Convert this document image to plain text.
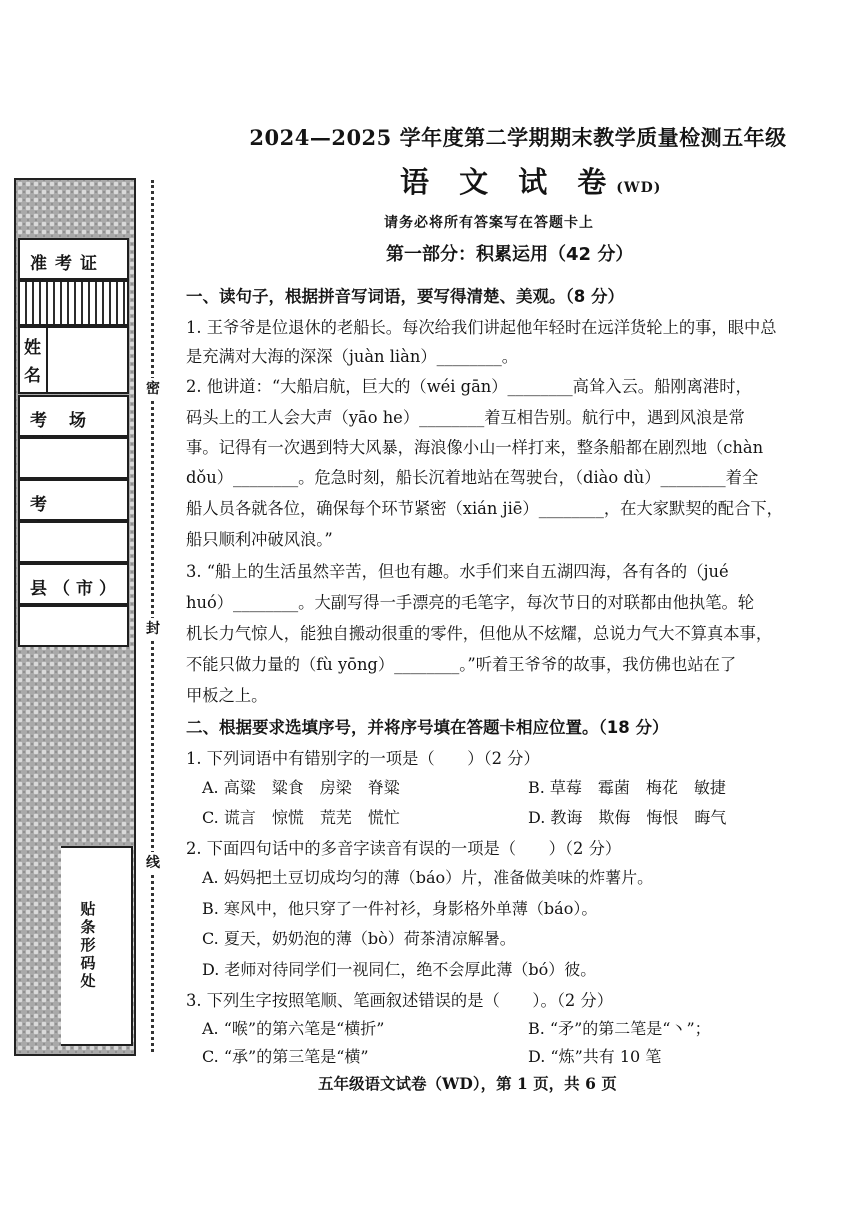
准考证
姓名
考场
考
县（市）
贴条形码处
密
封
线
2024—2025 学年度第二学期期末教学质量检测五年级
语 文 试 卷(WD)
请务必将所有答案写在答题卡上
第一部分：积累运用（42 分）
一、读句子，根据拼音写词语，要写得清楚、美观。（8 分）
1. 王爷爷是位退休的老船长。每次给我们讲起他年轻时在远洋货轮上的事，眼中总
是充满对大海的深深（juàn liàn）________。
2. 他讲道：“大船启航，巨大的（wéi gān）________高耸入云。船刚离港时，
码头上的工人会大声（yāo he）________着互相告别。航行中，遇到风浪是常
事。记得有一次遇到特大风暴，海浪像小山一样打来，整条船都在剧烈地（chàn
dǒu）________。危急时刻，船长沉着地站在驾驶台，（diào dù）________着全
船人员各就各位，确保每个环节紧密（xián jiē）________，在大家默契的配合下，
船只顺利冲破风浪。”
3. “船上的生活虽然辛苦，但也有趣。水手们来自五湖四海，各有各的（jué
huó）________。大副写得一手漂亮的毛笔字，每次节日的对联都由他执笔。轮
机长力气惊人，能独自搬动很重的零件，但他从不炫耀，总说力气大不算真本事，
不能只做力量的（fù yōng）________。”听着王爷爷的故事，我仿佛也站在了
甲板之上。
二、根据要求选填序号，并将序号填在答题卡相应位置。（18 分）
1. 下列词语中有错别字的一项是（　　）（2 分）
A. 高粱　粱食　房梁　脊粱	B. 草莓　霉菌　梅花　敏捷
C. 谎言　惊慌　荒芜　慌忙	D. 教诲　欺侮　悔恨　晦气
2. 下面四句话中的多音字读音有误的一项是（　　）（2 分）
A. 妈妈把土豆切成均匀的薄（báo）片，准备做美味的炸薯片。
B. 寒风中，他只穿了一件衬衫，身影格外单薄（báo）。
C. 夏天，奶奶泡的薄（bò）荷茶清凉解暑。
D. 老师对待同学们一视同仁，绝不会厚此薄（bó）彼。
3. 下列生字按照笔顺、笔画叙述错误的是（　　）。（2 分）
A. “喉”的第六笔是“横折”	B. “矛”的第二笔是“丶”；
C. “承”的第三笔是“横”	D. “炼”共有 10 笔
五年级语文试卷（WD），第 1 页，共 6 页
